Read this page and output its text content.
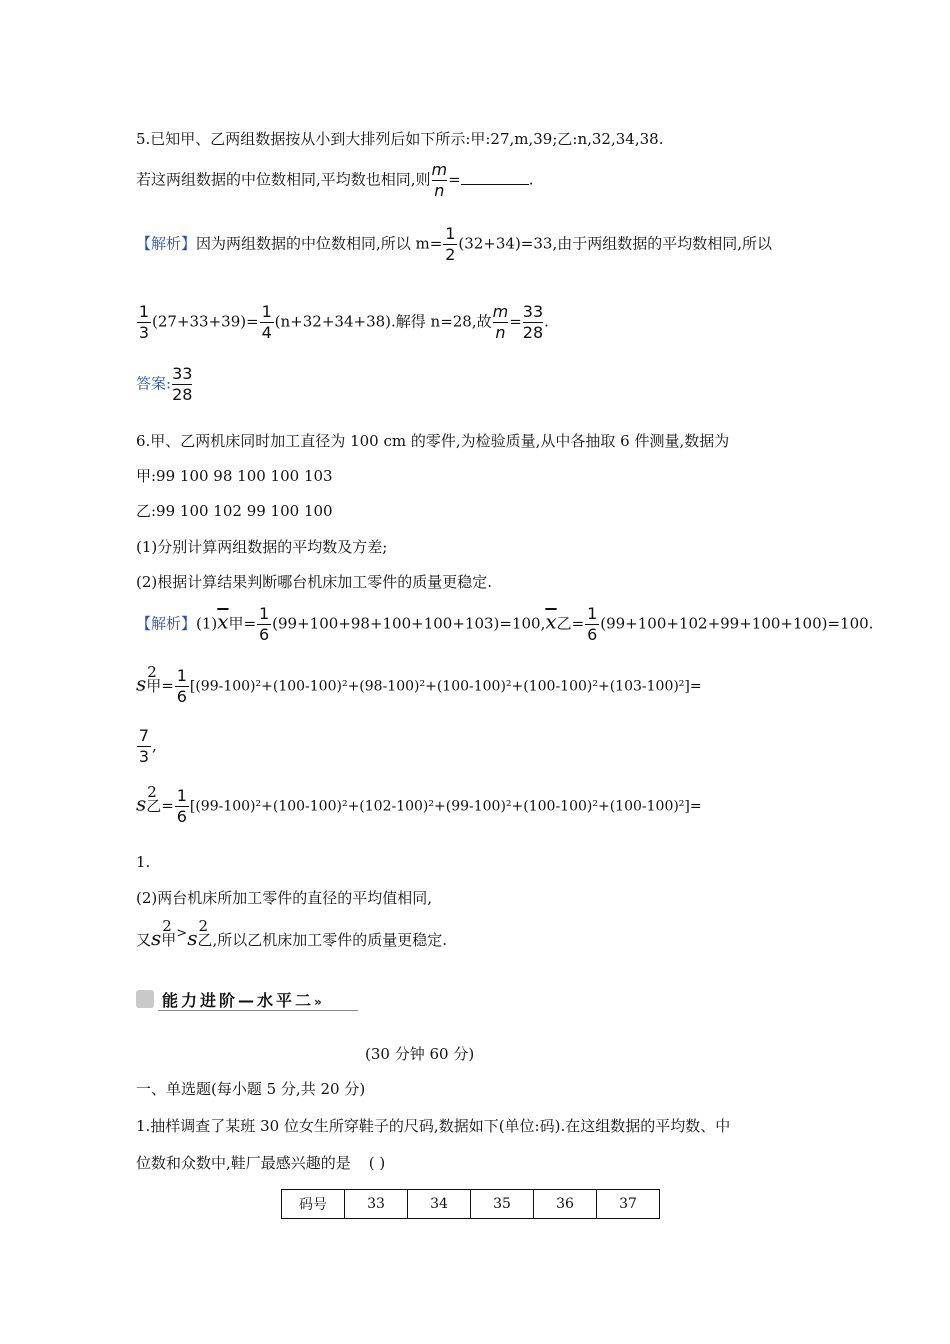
5.已知甲、乙两组数据按从小到大排列后如下所示:甲:27,m,39;乙:n,32,34,38.
若这两组数据的中位数相同,平均数也相同,则 $\frac{m}{n}$ =	.
【解析】因为两组数据的中位数相同,所以 $m= \frac{1}{2} (32+34)=33$,由于两组数据的平均数相同,所以
$\frac{1}{3} (27+33+39)= \frac{1}{4} (n+32+34+38)$.解得 n=28,故 $\frac{m}{n} = \frac{33}{28}$ .
答案: $\frac{33}{28}$
6.甲、乙两机床同时加工直径为 100 cm 的零件,为检验质量,从中各抽取 6 件测量,数据为
甲:99 100 98 100 100 103
乙:99 100 102 99 100 100
(1)分别计算两组数据的平均数及方差;
(2)根据计算结果判断哪台机床加工零件的质量更稳定.
【解析】$(1)\overline{x}$甲= $\frac{1}{6} (99+100+98+100+100+103)=100,\overline{x}$乙= $\frac{1}{6} (99+100+102+99+100+100)=100$.
s 2
甲= $\frac{1}{6} [(99-100)^2+(100-100)^2+(98-100)^2+(100-100)^2+(100-100)^2+(103-100)^2]=$
$\frac{7}{3}$ ,
s 2
乙= $\frac{1}{6} [(99-100)^2+(100-100)^2+(102-100)^2+(99-100)^2+(100-100)^2+(100-100)^2]=$
1.
(2)两台机床所加工零件的直径的平均值相同,
又s 2
甲>s 2
乙,所以乙机床加工零件的质量更稳定.
能力进阶—水平二»
(30 分钟 60 分)
一、单选题(每小题 5 分,共 20 分)
1.抽样调查了某班 30 位女生所穿鞋子的尺码,数据如下(单位:码).在这组数据的平均数、中
位数和众数中,鞋厂最感兴趣的是 ( )
码号	33	34	35	36	37
